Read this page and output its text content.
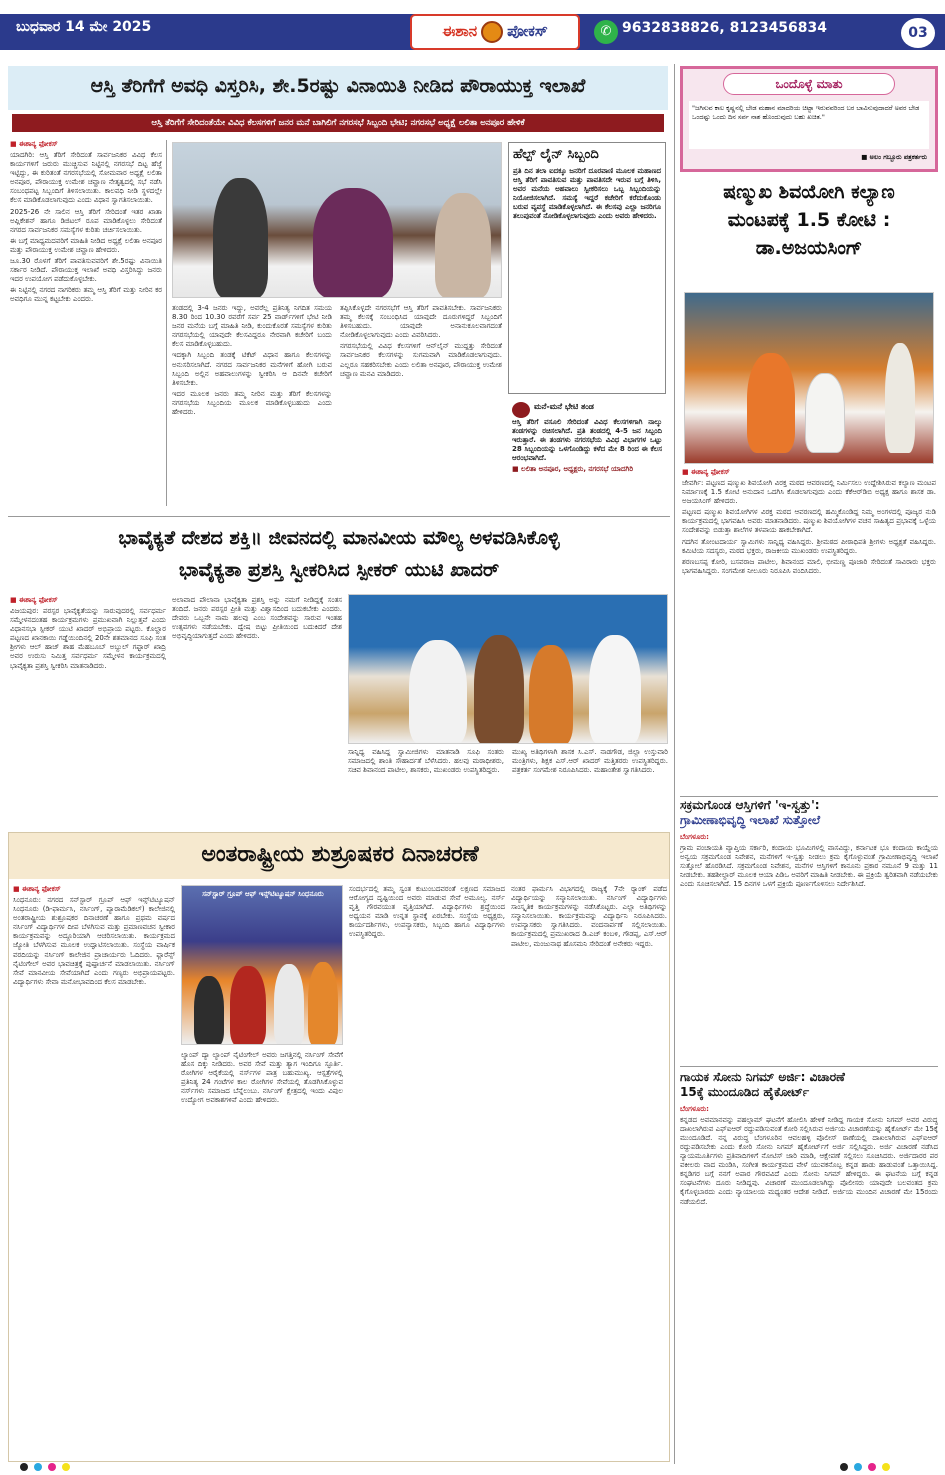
ಬುಧವಾರ 14 ಮೇ 2025	ಈಶಾನ ಪೋಕಸ್	✆ 9632838826, 8123456834	03
ಆಸ್ತಿ ತೆರಿಗೆಗೆ ಅವಧಿ ವಿಸ್ತರಿಸಿ, ಶೇ.5ರಷ್ಟು ವಿನಾಯಿತಿ ನೀಡಿದ ಪೌರಾಯುಕ್ತ ಇಲಾಖೆ
ಆಸ್ತಿ ತೆರಿಗೆಗೆ ಸೇರಿದಂತೆಯೇ ವಿವಿಧ ಕೆಲಸಗಳಿಗೆ ಜನರ ಮನೆ ಬಾಗಿಲಿಗೆ ನಗರಸಭೆ ಸಿಬ್ಬಂದಿ ಭೇಟಿ; ನಗರಸಭೆ ಅಧ್ಯಕ್ಷೆ ಲಲಿತಾ ಅನಪೂರ ಹೇಳಿಕೆ
■ ಈಶಾನ್ಯ ಫೋಕಸ್
ಯಾದಗಿರಿ: ಆಸ್ತಿ ತೆರಿಗೆ ಸೇರಿದಂತೆ ಸಾರ್ವಜನಿಕರ ವಿವಿಧ ಕೆಲಸ ಕಾರ್ಯಗಳಿಗೆ ಜರುರು ಮುಚ್ಚಿಸುವ ನಿಟ್ಟಿನಲ್ಲಿ ನಗರಸಭೆ ದಿಟ್ಟ ಹೆಜ್ಜೆ ಇಟ್ಟಿದ್ದು, ಈ ಕುರಿತಂತೆ ನಗರಸಭೆಯಲ್ಲಿ ಸೋಮವಾರ ಅಧ್ಯಕ್ಷೆ ಲಲಿತಾ ಅನಪೂರ, ಪೌರಾಯುಕ್ತ ಉಮೇಶ ಚವ್ಹಾಣ ನೇತೃತ್ವದಲ್ಲಿ ಸಭೆ ನಡೆಸಿ ಸಂಬಂಧಪಟ್ಟ ಸಿಬ್ಬಂದಿಗೆ ತಿಳಿಸಲಾಯಿತು. ಕಾಲವಧಿ ನೀಡಿ ಸ್ಥಳದಲ್ಲೇ ಕೆಲಸ ಮಾಡಿಕೊಡಲಾಗುವುದು ಎಂದು ವಿಧಾನ ಸ್ವಾಗತಿಸಲಾಯಿತು.
2025-26 ನೇ ಸಾಲಿನ ಆಸ್ತಿ ತೆರಿಗೆ ಸೇರಿದಂತೆ ಇತರ ಖಾತಾ ಅಪ್ಲಿಕೇಶನ್ ಹಾಗೂ ಡಿಜಿಟಲ್ ರೂಪ ಮಾಡಿಕೊಳ್ಳಲು ಸೇರಿದಂತೆ ನಗರದ ಸಾರ್ವಜನಿಕರ ಸಮಸ್ಯೆಗಳ ಕುರಿತು ಚರ್ಚಿಸಲಾಯಿತು.
ಈ ಬಗ್ಗೆ ಮಾಧ್ಯಮದವರಿಗೆ ಮಾಹಿತಿ ನೀಡಿದ ಅಧ್ಯಕ್ಷೆ ಲಲಿತಾ ಅನಪೂರ ಮತ್ತು ಪೌರಾಯುಕ್ತ ಉಮೇಶ ಚವ್ಹಾಣ ಹೇಳಿದರು.
ಜೂ.30 ರೊಳಗೆ ತೆರಿಗೆ ಪಾವತಿಸುವವರಿಗೆ ಶೇ.5ರಷ್ಟು ವಿನಾಯಿತಿ ಸರ್ಕಾರ ನೀಡಿದೆ. ಪೌರಾಯುಕ್ತ ಇಲಾಖೆ ಅವಧಿ ವಿಸ್ತರಿಸಿದ್ದು ಜನರು ಇದರ ಉಪಯೋಗ ಪಡೆದುಕೊಳ್ಳಬೇಕು.
ಈ ನಿಟ್ಟಿನಲ್ಲಿ ನಗರದ ನಾಗರಿಕರು ತಮ್ಮ ಆಸ್ತಿ ತೆರಿಗೆ ಮತ್ತು ನೀರಿನ ಕರ ಅವಧಿಗೂ ಮುನ್ನ ಕಟ್ಟಬೇಕು ಎಂದರು.
ತಂಡದಲ್ಲಿ 3-4 ಜನರು ಇದ್ದು, ಅವರೆಲ್ಲ ಪ್ರತಿನಿತ್ಯ ನಿಗದಿತ ಸಮಯ 8.30 ರಿಂದ 10.30 ರವರೆಗೆ ಸರ್ವ 25 ವಾರ್ಡ್‌ಗಳಿಗೆ ಭೇಟಿ ನೀಡಿ ಜನರ ಮನೆಯ ಬಗ್ಗೆ ಮಾಹಿತಿ ನೀಡಿ, ಕುಂದುಕೊರತೆ ಸಮಸ್ಯೆಗಳ ಕುರಿತು ನಗರಸಭೆಯಲ್ಲಿ ಯಾವುದೇ ಕೆಲಸವಿದ್ದರೂ ನೇರವಾಗಿ ಕಚೇರಿಗೆ ಬಂದು ಕೆಲಸ ಮಾಡಿಕೊಳ್ಳಬಹುದು.
ಇದಕ್ಕಾಗಿ ಸಿಬ್ಬಂದಿ ತಂಡಕ್ಕೆ ಟಿಕೆಟ್ ವಿಧಾನ ಹಾಗೂ ಕೆಲಸಗಳನ್ನು ಅನುಸರಿಸಲಾಗಿದೆ. ನಗರದ ಸಾರ್ವಜನಿಕರ ಮನೆಗಳಿಗೆ ಹೋಗಿ ಬರುವ ಸಿಬ್ಬಂದಿ ಅಲ್ಲಿನ ಅಹವಾಲುಗಳನ್ನು ಸ್ವೀಕರಿಸಿ ಆ ದಿನವೇ ಕಚೇರಿಗೆ ತಿಳಿಸಬೇಕು.
ಇದರ ಮೂಲಕ ಜನರು ತಮ್ಮ ನೀರಿನ ಮತ್ತು ತೆರಿಗೆ ಕೆಲಸಗಳನ್ನು ನಗರಸಭೆಯ ಸಿಬ್ಬಂದಿಯ ಮೂಲಕ ಮಾಡಿಕೊಳ್ಳಬಹುದು ಎಂದು ಹೇಳಿದರು.
ತಪ್ಪಿಸಿಕೊಳ್ಳದೇ ನಗರಸಭೆಗೆ ಆಸ್ತಿ ತೆರಿಗೆ ಪಾವತಿಸಬೇಕು. ಸಾರ್ವಜನಿಕರು ತಮ್ಮ ಕೆಲಸಕ್ಕೆ ಸಂಬಂಧಿಸಿದ ಯಾವುದೇ ದೂರುಗಳಿದ್ದರೆ ಸಿಬ್ಬಂದಿಗೆ ತಿಳಿಸಬಹುದು. ಯಾವುದೇ ಅನಾನುಕೂಲವಾಗದಂತೆ ನೋಡಿಕೊಳ್ಳಲಾಗುವುದು ಎಂದು ವಿವರಿಸಿದರು.
ನಗರಸಭೆಯಲ್ಲಿ ವಿವಿಧ ಕೆಲಸಗಳಿಗೆ ಆನ್‌ಲೈನ್ ಮುದ್ದತ್ತು ಸೇರಿದಂತೆ ಸಾರ್ವಜನಿಕರ ಕೆಲಸಗಳನ್ನು ಸುಗಮವಾಗಿ ಮಾಡಿಕೊಡಲಾಗುವುದು. ಎಲ್ಲರೂ ಸಹಕರಿಸಬೇಕು ಎಂದು ಲಲಿತಾ ಅನಪೂರ, ಪೌರಾಯುಕ್ತ ಉಮೇಶ ಚವ್ಹಾಣ ಮನವಿ ಮಾಡಿದರು.
ಹೆಲ್ಪ್ ಲೈನ್ ಸಿಬ್ಬಂದಿ
ಪ್ರತಿ ದಿನ ತಲಾ ಐದಕ್ಕೂ ಜನರಿಗೆ ದೂರವಾಣಿ ಮೂಲಕ ಮಹಾಣದ ಆಸ್ತಿ ತೆರಿಗೆ ಪಾವತಿಸುವ ಮತ್ತು ಪಾವತಿಸದೇ ಇರುವ ಬಗ್ಗೆ ತಿಳಿಸಿ, ಅವರ ಮನೆಯ ಅಹವಾಲು ಸ್ವೀಕರಿಸಲು ಒಬ್ಬ ಸಿಬ್ಬಂದಿಯನ್ನು ನಿಯೋಜಿಸಲಾಗಿದೆ. ಸಮಸ್ಯೆ ಇದ್ದರೆ ಕಚೇರಿಗೆ ಕರೆದುಕೊಂಡು ಬರುವ ವ್ಯವಸ್ಥೆ ಮಾಡಿಕೊಳ್ಳಲಾಗಿದೆ. ಈ ಕೆಲಸವು ಎಲ್ಲಾ ಜನರಿಗೂ ತಲುಪುವಂತೆ ನೋಡಿಕೊಳ್ಳಲಾಗುವುದು ಎಂದು ಅವರು ಹೇಳಿದರು.
ಮನೆ-ಮನೆ ಭೇಟಿ ತಂಡ
ಆಸ್ತಿ ತೆರಿಗೆ ವಸೂಲಿ ಸೇರಿದಂತೆ ವಿವಿಧ ಕೆಲಸಗಳಿಗಾಗಿ ನಾಲ್ಕು ತಂಡಗಳನ್ನು ರಚಿಸಲಾಗಿದೆ. ಪ್ರತಿ ತಂಡದಲ್ಲಿ 4-5 ಜನ ಸಿಬ್ಬಂದಿ ಇರುತ್ತಾರೆ. ಈ ತಂಡಗಳು ನಗರಸಭೆಯ ವಿವಿಧ ವಿಭಾಗಗಳ ಒಟ್ಟು 28 ಸಿಬ್ಬಂದಿಯನ್ನು ಒಳಗೊಂಡಿದ್ದು ಕಳೆದ ಮೇ 8 ರಿಂದ ಈ ಕೆಲಸ ಆರಂಭವಾಗಿದೆ.
■ ಲಲಿತಾ ಅನಪೂರ, ಅಧ್ಯಕ್ಷರು, ನಗರಸಭೆ ಯಾದಗಿರಿ
ಒಂದೊಳ್ಳೆ ಮಾತು
"ಜಗಿಸುವ ಕಾಲ ಕೃಷ್ಣನಲ್ಲಿ ಬೇಡ ಮಹಾನ ಮಾದರಿಯ ಚಿಟ್ಟಾ ಇರುವವರಿಂದ ಬರ ಬಾವಿಸುವುದಾದರೆ ಅವರ ಬೇಡ ಒಂದಷ್ಟು ಒಂದು ದಿನ ಸರ್ಪ ನಾಶ ಹೊಂದುವುದು ಬಹು ಖಚಿತ."
■ ಅಲಂ ಗಬ್ಬೂರು ಪತ್ರಕರ್ತರು
ಷಣ್ಮುಖ ಶಿವಯೋಗಿ ಕಲ್ಯಾಣ
ಮಂಟಪಕ್ಕೆ 1.5 ಕೋಟಿ :
ಡಾ.ಅಜಯಸಿಂಗ್
■ ಈಶಾನ್ಯ ಫೋಕಸ್
ಜೇವರ್ಗಿ: ಪಟ್ಟಣದ ಷಣ್ಮುಖ ಶಿವಯೋಗಿ ವಿರಕ್ತ ಮಠದ ಆವರಣದಲ್ಲಿ ನಿರ್ಮಿಸಲು ಉದ್ದೇಶಿಸಿರುವ ಕಲ್ಯಾಣ ಮಂಟಪ ನಿರ್ಮಾಣಕ್ಕೆ 1.5 ಕೋಟಿ ಅನುದಾನ ಒದಗಿಸಿ ಕೊಡಲಾಗುವುದು ಎಂದು ಕೆಕೆಆರ್‌ಡಿಬಿ ಅಧ್ಯಕ್ಷ ಹಾಗೂ ಶಾಸಕ ಡಾ. ಅಜಯಸಿಂಗ್ ಹೇಳಿದರು.
ಪಟ್ಟಣದ ಷಣ್ಮುಖ ಶಿವಯೋಗಿಗಳ ವಿರಕ್ತ ಮಠದ ಆವರಣದಲ್ಲಿ ಹಮ್ಮಿಕೊಂಡಿದ್ದ ನಿಮ್ಮ ಅಂಗಳದಲ್ಲಿ ಪೂಜ್ಯರ ನುಡಿ ಕಾರ್ಯಕ್ರಮದಲ್ಲಿ ಭಾಗವಹಿಸಿ ಅವರು ಮಾತನಾಡಿದರು. ಷಣ್ಮುಖ ಶಿವಯೋಗಿಗಳ ವಚನ ಸಾಹಿತ್ಯದ ಪ್ರಭಾವಕ್ಕೆ ಒಳ್ಳೆಯ ಸಂದೇಶವನ್ನು ಬಿಡುತ್ತಾ ಶಾಲೆಗಳ ತಳಪಾಯ ಹಾಕಬೇಕಾಗಿದೆ.
ಗದಗಿನ ತೋಂಟದಾರ್ಯ ಸ್ವಾಮಿಗಳು ಸಾನ್ನಿಧ್ಯ ವಹಿಸಿದ್ದರು. ಶ್ರೀಮಠದ ಪೀಠಾಧಿಪತಿ ಶ್ರೀಗಳು ಅಧ್ಯಕ್ಷತೆ ವಹಿಸಿದ್ದರು. ಕಮಿಟಿಯ ಸದಸ್ಯರು, ಮಠದ ಭಕ್ತರು, ರಾಜಕೀಯ ಮುಖಂಡರು ಉಪಸ್ಥಿತರಿದ್ದರು.
ಶರಣಬಸಪ್ಪ ಕೋರಿ, ಬಸವರಾಜ ಪಾಟೀಲ, ಶಿವಾನಂದ ಮಾಲಿ, ಭೀಮಣ್ಣ ಪೂಜಾರಿ ಸೇರಿದಂತೆ ಸಾವಿರಾರು ಭಕ್ತರು ಭಾಗವಹಿಸಿದ್ದರು. ಸಂಗಮೇಶ ನೀಲೂರು ನಿರೂಪಿಸಿ ವಂದಿಸಿದರು.
ಭಾವೈಕ್ಯತೆ ದೇಶದ ಶಕ್ತಿ॥ ಜೀವನದಲ್ಲಿ ಮಾನವೀಯ ಮೌಲ್ಯ ಅಳವಡಿಸಿಕೊಳ್ಳಿ
ಭಾವೈಕ್ಯತಾ ಪ್ರಶಸ್ತಿ ಸ್ವೀಕರಿಸಿದ ಸ್ಪೀಕರ್ ಯುಟಿ ಖಾದರ್
■ ಈಶಾನ್ಯ ಫೋಕಸ್
ವಿಜಯಪುರ: ಪರಸ್ಪರ ಭಾವೈಕ್ಯತೆಯನ್ನು ಸಾರುವುದರಲ್ಲಿ ಸರ್ವಧರ್ಮ ಸಮ್ಮೇಳನದಂತಹ ಕಾರ್ಯಕ್ರಮಗಳು ಪ್ರಮುಖವಾಗಿ ನಿಲ್ಲುತ್ತವೆ ಎಂದು ವಿಧಾನಸಭಾ ಸ್ಪೀಕರ್ ಯುಟಿ ಖಾದರ್ ಅಭಿಪ್ರಾಯ ಪಟ್ಟರು. ಕೊಲ್ಹಾರ ಪಟ್ಟಣದ ಖಾನಕಾಯಿ ಗಡ್ಡೆಯಿಂದಿನಲ್ಲಿ 20ನೇ ಶತಮಾನದ ಸೂಫಿ ಸಂತ ಶ್ರೀಗಳು ಆಲ್ ಹಾಜ್ ಶಾಹ ಮೆಹಬೂಬ್ ಅಬ್ದುಲ್ ಗಫ್ಫಾರ್ ಖಾದ್ರಿ ಅವರ ಉರುಸು ನಿಮಿತ್ತ ಸರ್ವಧರ್ಮ ಸಮ್ಮೇಳನ ಕಾರ್ಯಕ್ರಮದಲ್ಲಿ ಭಾವೈಕ್ಯತಾ ಪ್ರಶಸ್ತಿ ಸ್ವೀಕರಿಸಿ ಮಾತನಾಡಿದರು.
ಅಲಾವಾದ ಪೌಲಾನಾ ಭಾವೈಕ್ಯತಾ ಪ್ರಶಸ್ತಿ ಅನ್ನು ನಮಗೆ ನೀಡಿದ್ದಕ್ಕೆ ಸಂತಸ ತಂದಿದೆ. ಜನರು ಪರಸ್ಪರ ಪ್ರೀತಿ ಮತ್ತು ವಿಶ್ವಾಸದಿಂದ ಬದುಕಬೇಕು ಎಂದರು. ದೇವರು ಒಬ್ಬನೇ ನಾಮ ಹಲವು ಎಂಬ ಸಂದೇಶವನ್ನು ಸಾರುವ ಇಂತಹ ಉತ್ಸವಗಳು ನಡೆಯಬೇಕು. ದ್ವೇಷ ಬಿಟ್ಟು ಪ್ರೀತಿಯಿಂದ ಬದುಕಿದರೆ ದೇಶ ಅಭಿವೃದ್ಧಿಯಾಗುತ್ತದೆ ಎಂದು ಹೇಳಿದರು.
ಸಾನ್ನಿಧ್ಯ ವಹಿಸಿದ್ದ ಸ್ವಾಮೀಜಿಗಳು ಮಾತನಾಡಿ ಸೂಫಿ ಸಂತರು ಸಮಾಜದಲ್ಲಿ ಶಾಂತಿ ಸೌಹಾರ್ದತೆ ಬೆಳೆಸಿದರು. ಹಲವು ಮಠಾಧೀಶರು, ಸಚಿವ ಶಿವಾನಂದ ಪಾಟೀಲ, ಶಾಸಕರು, ಮುಖಂಡರು ಉಪಸ್ಥಿತರಿದ್ದರು.
ಮುಖ್ಯ ಅತಿಥಿಗಳಾಗಿ ಶಾಸಕ ಸಿ.ಎಸ್. ನಾಡಗೌಡ, ಜಿಲ್ಲಾ ಉಸ್ತುವಾರಿ ಮಂತ್ರಿಗಳು, ಶಿಕ್ಷಕ ಎಸ್.ಆರ್ ಖಾದರ್ ಮತ್ತಿತರರು ಉಪಸ್ಥಿತರಿದ್ದರು. ಪತ್ರಕರ್ತ ಸಂಗಮೇಶ ನಿರೂಪಿಸಿದರು. ಮಹಾಂತೇಶ ಸ್ವಾಗತಿಸಿದರು.
ಅಂತರಾಷ್ಟ್ರೀಯ ಶುಶ್ರೂಷಕರ ದಿನಾಚರಣೆ
■ ಈಶಾನ್ಯ ಫೋಕಸ್
ಸಿಂಧನೂರು: ನಗರದ ಸನ್‌ಸ್ಟಾರ್ ಗ್ರೂಪ್ ಆಫ್ ಇನ್ಸ್‌ಟಿಟ್ಯೂಷನ್ ಸಿಂಧನೂರು (ಡಿ-ಫಾರ್ಮಸಿ, ನರ್ಸಿಂಗ್, ಪ್ಯಾರಾಮೆಡಿಕಲ್) ಕಾಲೇಜಿನಲ್ಲಿ ಅಂತರಾಷ್ಟ್ರೀಯ ಶುಶ್ರೂಷಕರ ದಿನಾಚರಣೆ ಹಾಗೂ ಪ್ರಥಮ ವರ್ಷದ ನರ್ಸಿಂಗ್ ವಿದ್ಯಾರ್ಥಿಗಳ ದೀಪ ಬೆಳಗಿಸುವ ಮತ್ತು ಪ್ರಮಾಣವಚನ ಸ್ವೀಕಾರ ಕಾರ್ಯಕ್ರಮವನ್ನು ಅದ್ದೂರಿಯಾಗಿ ಆಚರಿಸಲಾಯಿತು. ಕಾರ್ಯಕ್ರಮದ ಜ್ಯೋತಿ ಬೆಳಗಿಸುವ ಮೂಲಕ ಉದ್ಘಾಟಿಸಲಾಯಿತು. ಸಂಸ್ಥೆಯ ವಾರ್ಷಿಕ ವರದಿಯನ್ನು ನರ್ಸಿಂಗ್ ಕಾಲೇಜಿನ ಪ್ರಾಚಾರ್ಯರು ಓದಿದರು. ಫ್ಲಾರೆನ್ಸ್ ನೈಟಿಂಗೇಲ್ ಅವರ ಭಾವಚಿತ್ರಕ್ಕೆ ಪುಷ್ಪಾರ್ಚನೆ ಮಾಡಲಾಯಿತು. ನರ್ಸಿಂಗ್ ಸೇವೆ ಮಾನವೀಯ ಸೇವೆಯಾಗಿದೆ ಎಂದು ಗಣ್ಯರು ಅಭಿಪ್ರಾಯಪಟ್ಟರು. ವಿದ್ಯಾರ್ಥಿಗಳು ಸೇವಾ ಮನೋಭಾವದಿಂದ ಕೆಲಸ ಮಾಡಬೇಕು.
ಸನ್‌ಸ್ಟಾರ್ ಗ್ರೂಪ್ ಆಫ್ ಇನ್ಸ್‌ಟಿಟ್ಯೂಷನ್ ಸಿಂಧನೂರು
ಲ್ಯಾಂಪ್ ದ್ಯಾ ಲ್ಯಾಂಪ್ ನೈಟಿಂಗೇಲ್ ಅವರು ಜಗತ್ತಿನಲ್ಲಿ ನರ್ಸಿಂಗ್ ಸೇವೆಗೆ ಹೊಸ ದಿಕ್ಕು ನೀಡಿದರು. ಅವರ ಸೇವೆ ಮತ್ತು ತ್ಯಾಗ ಇಂದಿಗೂ ಸ್ಫೂರ್ತಿ. ರೋಗಿಗಳ ಆರೈಕೆಯಲ್ಲಿ ನರ್ಸ್‌ಗಳ ಪಾತ್ರ ಬಹುಮುಖ್ಯ. ಆಸ್ಪತ್ರೆಗಳಲ್ಲಿ ಪ್ರತಿನಿತ್ಯ 24 ಗಂಟೆಗಳ ಕಾಲ ರೋಗಿಗಳ ಸೇವೆಯಲ್ಲಿ ತೊಡಗಿಸಿಕೊಳ್ಳುವ ನರ್ಸ್‌ಗಳು ಸಮಾಜದ ಬೆನ್ನೆಲುಬು. ನರ್ಸಿಂಗ್ ಕ್ಷೇತ್ರದಲ್ಲಿ ಇಂದು ವಿಪುಲ ಉದ್ಯೋಗ ಅವಕಾಶಗಳಿವೆ ಎಂದು ಹೇಳಿದರು.
ಸಂದರ್ಭದಲ್ಲಿ ತಮ್ಮ ಸ್ವಂತ ಕುಟುಂಬದವರಂತೆ ಲಕ್ಷಣದ ಸಮಾಜದ ಆರೋಗ್ಯದ ದೃಷ್ಟಿಯಿಂದ ಅವರು ಮಾಡುವ ಸೇವೆ ಅಮೂಲ್ಯ. ನರ್ಸ್ ವೃತ್ತಿ ಗೌರವಯುತ ವೃತ್ತಿಯಾಗಿದೆ. ವಿದ್ಯಾರ್ಥಿಗಳು ಶ್ರದ್ಧೆಯಿಂದ ಅಧ್ಯಯನ ಮಾಡಿ ಉನ್ನತ ಸ್ಥಾನಕ್ಕೆ ಏರಬೇಕು. ಸಂಸ್ಥೆಯ ಅಧ್ಯಕ್ಷರು, ಕಾರ್ಯದರ್ಶಿಗಳು, ಉಪನ್ಯಾಸಕರು, ಸಿಬ್ಬಂದಿ ಹಾಗೂ ವಿದ್ಯಾರ್ಥಿಗಳು ಉಪಸ್ಥಿತರಿದ್ದರು.
ನಂತರ ಫಾರ್ಮಸಿ ವಿಭಾಗದಲ್ಲಿ ರಾಜ್ಯಕ್ಕೆ 7ನೇ ರ‍್ಯಾಂಕ್ ಪಡೆದ ವಿದ್ಯಾರ್ಥಿಯನ್ನು ಸನ್ಮಾನಿಸಲಾಯಿತು. ನರ್ಸಿಂಗ್ ವಿದ್ಯಾರ್ಥಿಗಳು ಸಾಂಸ್ಕೃತಿಕ ಕಾರ್ಯಕ್ರಮಗಳನ್ನು ನಡೆಸಿಕೊಟ್ಟರು. ಎಲ್ಲಾ ಅತಿಥಿಗಳನ್ನು ಸನ್ಮಾನಿಸಲಾಯಿತು. ಕಾರ್ಯಕ್ರಮವನ್ನು ವಿದ್ಯಾರ್ಥಿನಿ ನಿರೂಪಿಸಿದರು. ಉಪನ್ಯಾಸಕರು ಸ್ವಾಗತಿಸಿದರು. ವಂದನಾರ್ಪಣೆ ಸಲ್ಲಿಸಲಾಯಿತು. ಕಾರ್ಯಕ್ರಮದಲ್ಲಿ ಪ್ರಮುಖರಾದ ಡಿ.ಎಚ್ ಕಂಬಳಿ, ಗೌಡಪ್ಪ, ಎಸ್.ಆರ್ ಪಾಟೀಲ, ಮಂಜುನಾಥ ಹೊಸಮನಿ ಸೇರಿದಂತೆ ಅನೇಕರು ಇದ್ದರು.
ಸಕ್ರಮಗೊಂಡ ಆಸ್ತಿಗಳಿಗೆ 'ಇ-ಸ್ವತ್ತು':
ಗ್ರಾಮೀಣಾಭಿವೃದ್ಧಿ ಇಲಾಖೆ ಸುತ್ತೋಲೆ
ಬೆಂಗಳೂರು:
ಗ್ರಾಮ ಪಂಚಾಯತಿ ವ್ಯಾಪ್ತಿಯ ಸರ್ಕಾರಿ, ಕಂದಾಯ ಭೂಮಿಗಳಲ್ಲಿ ವಾಸವಿದ್ದು, ಕರ್ನಾಟಕ ಭೂ ಕಂದಾಯ ಕಾಯ್ದೆಯ ಅನ್ವಯ ಸಕ್ರಮಗೊಂಡ ನಿವೇಶನ, ಮನೆಗಳಿಗೆ ಇ-ಸ್ವತ್ತು ನೀಡಲು ಕ್ರಮ ಕೈಗೊಳ್ಳುವಂತೆ ಗ್ರಾಮೀಣಾಭಿವೃದ್ಧಿ ಇಲಾಖೆ ಸುತ್ತೋಲೆ ಹೊರಡಿಸಿದೆ. ಸಕ್ರಮಗೊಂಡ ನಿವೇಶನ, ಮನೆಗಳ ಆಸ್ತಿಗಳಿಗೆ ಕಾನೂನು ಪ್ರಕಾರ ನಮೂನೆ 9 ಮತ್ತು 11 ನೀಡಬೇಕು. ತಹಶೀಲ್ದಾರ್ ಮೂಲಕ ಆಯಾ ಪಿಡಿಒ ಅವರಿಗೆ ಮಾಹಿತಿ ನೀಡಬೇಕು. ಈ ಪ್ರಕ್ರಿಯೆ ತ್ವರಿತವಾಗಿ ನಡೆಯಬೇಕು ಎಂದು ಸೂಚಿಸಲಾಗಿದೆ. 15 ದಿನಗಳ ಒಳಗೆ ಪ್ರಕ್ರಿಯೆ ಪೂರ್ಣಗೊಳಿಸಲು ನಿರ್ದೇಶಿಸಿದೆ.
ಗಾಯಕ ಸೋನು ನಿಗಮ್ ಅರ್ಜಿ: ವಿಚಾರಣೆ
15ಕ್ಕೆ ಮುಂದೂಡಿದ ಹೈಕೋರ್ಟ್
ಬೆಂಗಳೂರು:
ಕನ್ನಡದ ಅವಮಾನವನ್ನು ಪಹಲ್ಗಾಮ್ ಘಟನೆಗೆ ಹೋಲಿಸಿ ಹೇಳಿಕೆ ನೀಡಿದ್ದ ಗಾಯಕ ಸೋನು ನಿಗಮ್ ಅವರ ವಿರುದ್ಧ ದಾಖಲಾಗಿರುವ ಎಫ್‌ಐಆರ್ ರದ್ದುಪಡಿಸುವಂತೆ ಕೋರಿ ಸಲ್ಲಿಸಿರುವ ಅರ್ಜಿಯ ವಿಚಾರಣೆಯನ್ನು ಹೈಕೋರ್ಟ್ ಮೇ 15ಕ್ಕೆ ಮುಂದೂಡಿದೆ. ನನ್ನ ವಿರುದ್ಧ ಬೆಂಗಳೂರಿನ ಆವಲಹಳ್ಳಿ ಪೊಲೀಸ್ ಠಾಣೆಯಲ್ಲಿ ದಾಖಲಾಗಿರುವ ಎಫ್‌ಐಆರ್ ರದ್ದುಪಡಿಸಬೇಕು ಎಂದು ಕೋರಿ ಸೋನು ನಿಗಮ್ ಹೈಕೋರ್ಟ್‌ಗೆ ಅರ್ಜಿ ಸಲ್ಲಿಸಿದ್ದರು. ಅರ್ಜಿ ವಿಚಾರಣೆ ನಡೆಸಿದ ನ್ಯಾಯಮೂರ್ತಿಗಳು ಪ್ರತಿವಾದಿಗಳಿಗೆ ನೋಟಿಸ್ ಜಾರಿ ಮಾಡಿ, ಆಕ್ಷೇಪಣೆ ಸಲ್ಲಿಸಲು ಸೂಚಿಸಿದರು. ಅರ್ಜಿದಾರರ ಪರ ವಕೀಲರು ವಾದ ಮಂಡಿಸಿ, ಸಂಗೀತ ಕಾರ್ಯಕ್ರಮದ ವೇಳೆ ಯುವಕನೊಬ್ಬ ಕನ್ನಡ ಹಾಡು ಹಾಡುವಂತೆ ಒತ್ತಾಯಿಸಿದ್ದ. ಕನ್ನಡಿಗರ ಬಗ್ಗೆ ನನಗೆ ಅಪಾರ ಗೌರವವಿದೆ ಎಂದು ಸೋನು ನಿಗಮ್ ಹೇಳಿದ್ದರು. ಈ ಘಟನೆಯ ಬಗ್ಗೆ ಕನ್ನಡ ಸಂಘಟನೆಗಳು ದೂರು ನೀಡಿದ್ದವು. ವಿಚಾರಣೆ ಮುಂದೂಡಲಾಗಿದ್ದು ಪೊಲೀಸರು ಯಾವುದೇ ಬಲವಂತದ ಕ್ರಮ ಕೈಗೊಳ್ಳಬಾರದು ಎಂದು ನ್ಯಾಯಾಲಯ ಮಧ್ಯಂತರ ಆದೇಶ ನೀಡಿದೆ. ಅರ್ಜಿಯ ಮುಂದಿನ ವಿಚಾರಣೆ ಮೇ 15ರಂದು ನಡೆಯಲಿದೆ.
